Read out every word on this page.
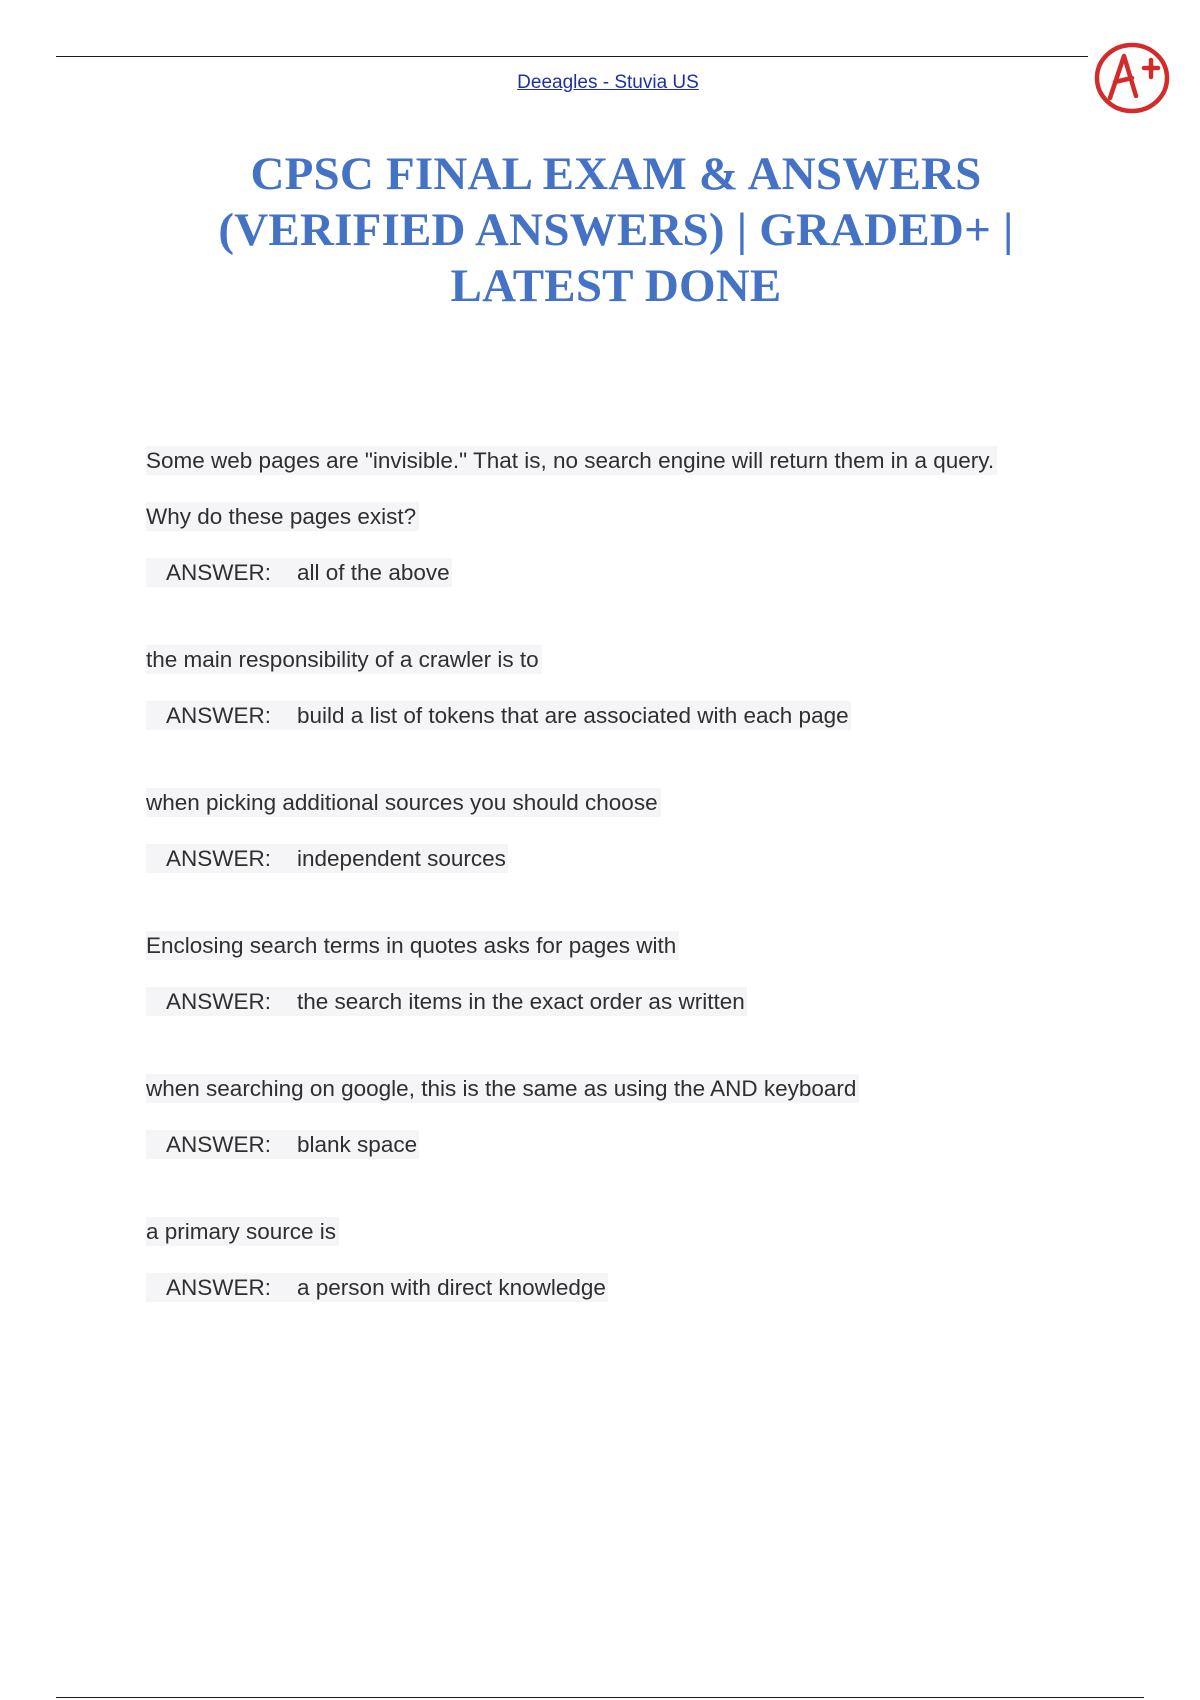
Deeagles - Stuvia US
CPSC FINAL EXAM & ANSWERS
(VERIFIED ANSWERS) | GRADED+ |
LATEST DONE
Some web pages are "invisible." That is, no search engine will return them in a query.
Why do these pages exist?
ANSWER: all of the above
the main responsibility of a crawler is to
ANSWER: build a list of tokens that are associated with each page
when picking additional sources you should choose
ANSWER: independent sources
Enclosing search terms in quotes asks for pages with
ANSWER: the search items in the exact order as written
when searching on google, this is the same as using the AND keyboard
ANSWER: blank space
a primary source is
ANSWER: a person with direct knowledge
